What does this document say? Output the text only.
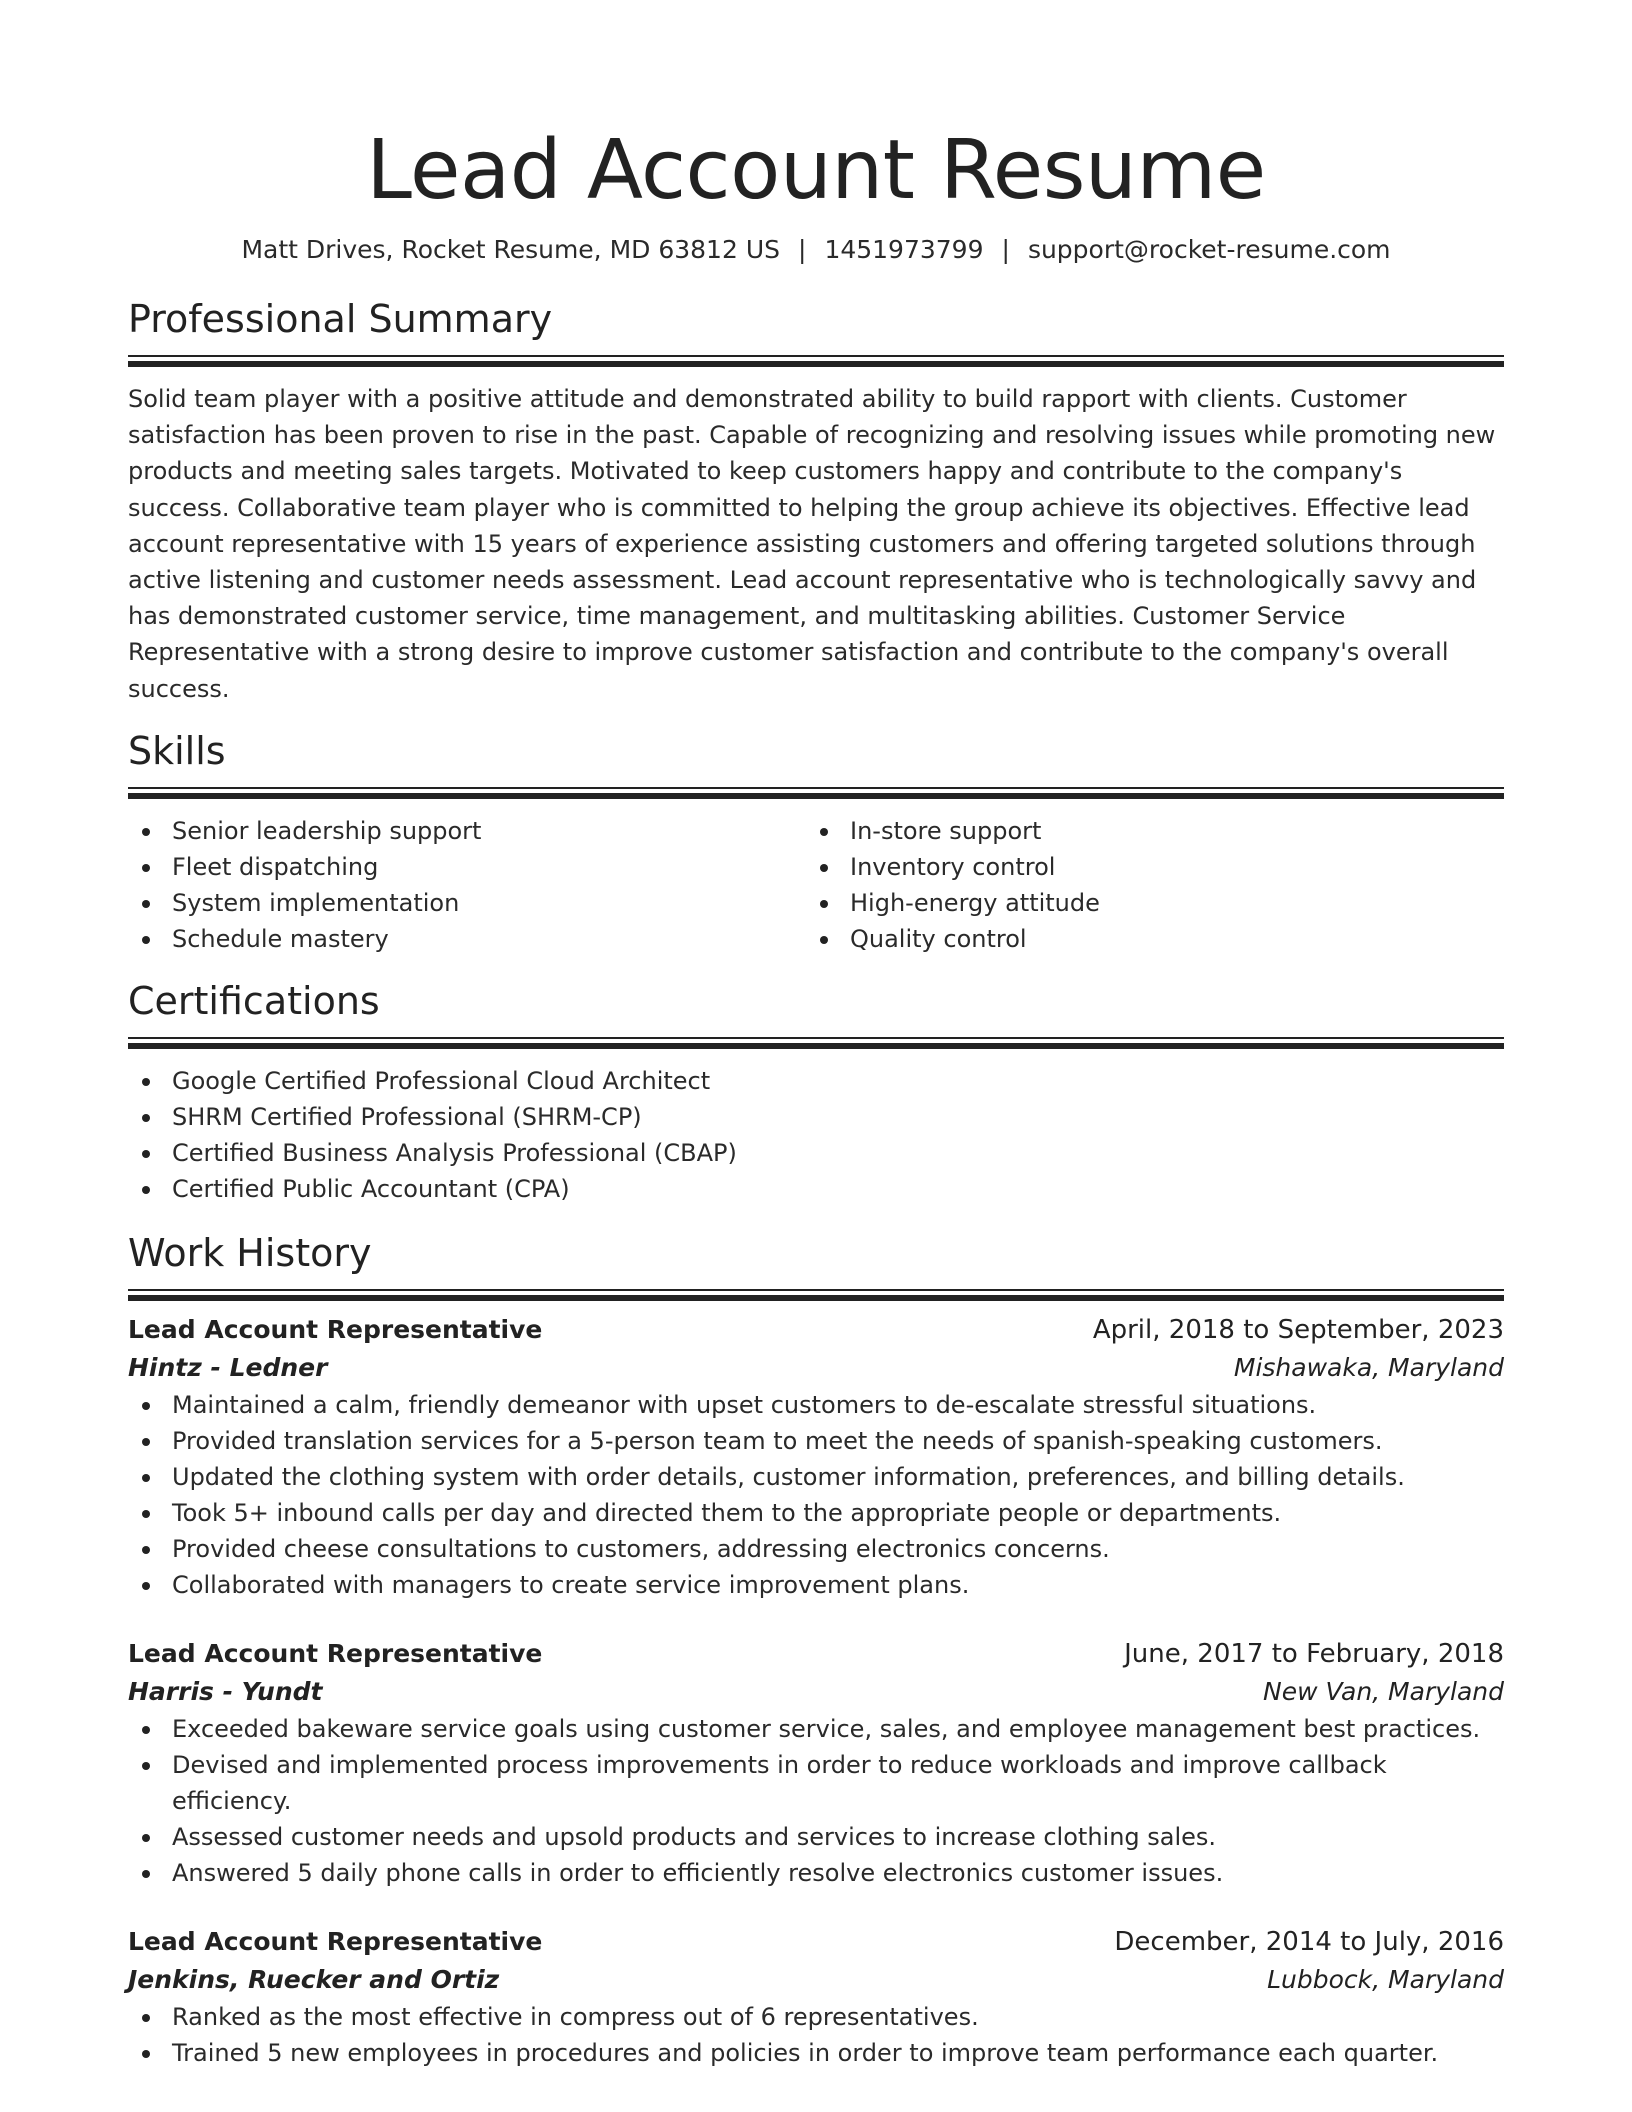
Lead Account Resume
Matt Drives, Rocket Resume, MD 63812 US | 1451973799 | support@rocket-resume.com
Professional Summary

Solid team player with a positive attitude and demonstrated ability to build rapport with clients. Customer satisfaction has been proven to rise in the past. Capable of recognizing and resolving issues while promoting new products and meeting sales targets. Motivated to keep customers happy and contribute to the company's success. Collaborative team player who is committed to helping the group achieve its objectives. Effective lead account representative with 15 years of experience assisting customers and offering targeted solutions through active listening and customer needs assessment. Lead account representative who is technologically savvy and has demonstrated customer service, time management, and multitasking abilities. Customer Service Representative with a strong desire to improve customer satisfaction and contribute to the company's overall success.

Skills
Senior leadership support
Fleet dispatching
System implementation
Schedule mastery
In-store support
Inventory control
High-energy attitude
Quality control
Certifications
Google Certified Professional Cloud Architect
SHRM Certified Professional (SHRM-CP)
Certified Business Analysis Professional (CBAP)
Certified Public Accountant (CPA)
Work History
Lead Account Representative	April, 2018 to September, 2023
Hintz - Ledner	Mishawaka, Maryland
Maintained a calm, friendly demeanor with upset customers to de-escalate stressful situations.
Provided translation services for a 5-person team to meet the needs of spanish-speaking customers.
Updated the clothing system with order details, customer information, preferences, and billing details.
Took 5+ inbound calls per day and directed them to the appropriate people or departments.
Provided cheese consultations to customers, addressing electronics concerns.
Collaborated with managers to create service improvement plans.
Lead Account Representative	June, 2017 to February, 2018
Harris - Yundt	New Van, Maryland
Exceeded bakeware service goals using customer service, sales, and employee management best practices.
Devised and implemented process improvements in order to reduce workloads and improve callback efficiency.
Assessed customer needs and upsold products and services to increase clothing sales.
Answered 5 daily phone calls in order to efficiently resolve electronics customer issues.
Lead Account Representative	December, 2014 to July, 2016
Jenkins, Ruecker and Ortiz	Lubbock, Maryland
Ranked as the most effective in compress out of 6 representatives.
Trained 5 new employees in procedures and policies in order to improve team performance each quarter.
